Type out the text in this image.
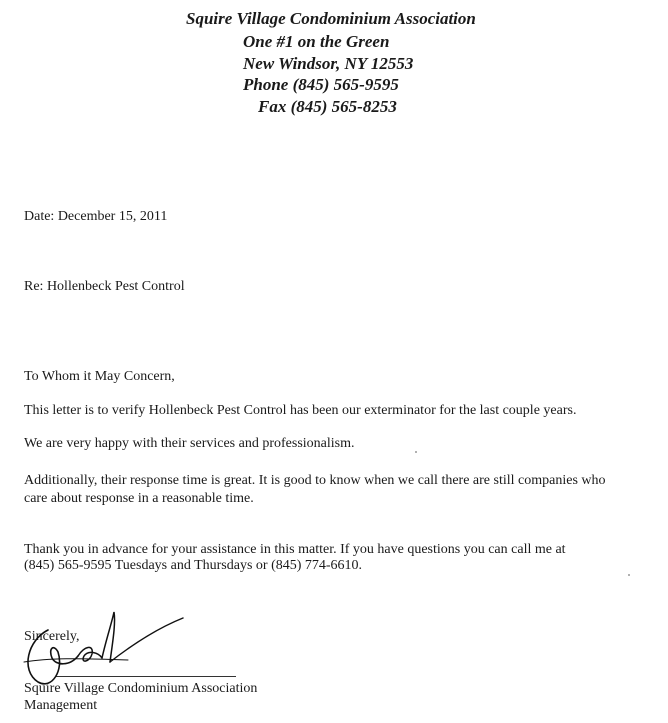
Squire Village Condominium Association
One #1 on the Green
New Windsor, NY 12553
Phone (845) 565-9595
Fax (845) 565-8253
Date: December 15, 2011
Re: Hollenbeck Pest Control
To Whom it May Concern,
This letter is to verify Hollenbeck Pest Control has been our exterminator for the last couple years.
We are very happy with their services and professionalism.
Additionally, their response time is great. It is good to know when we call there are still companies who
care about response in a reasonable time.
Thank you in advance for your assistance in this matter. If you have questions you can call me at
(845) 565-9595 Tuesdays and Thursdays or (845) 774-6610.
Sincerely,
Squire Village Condominium Association
Management
